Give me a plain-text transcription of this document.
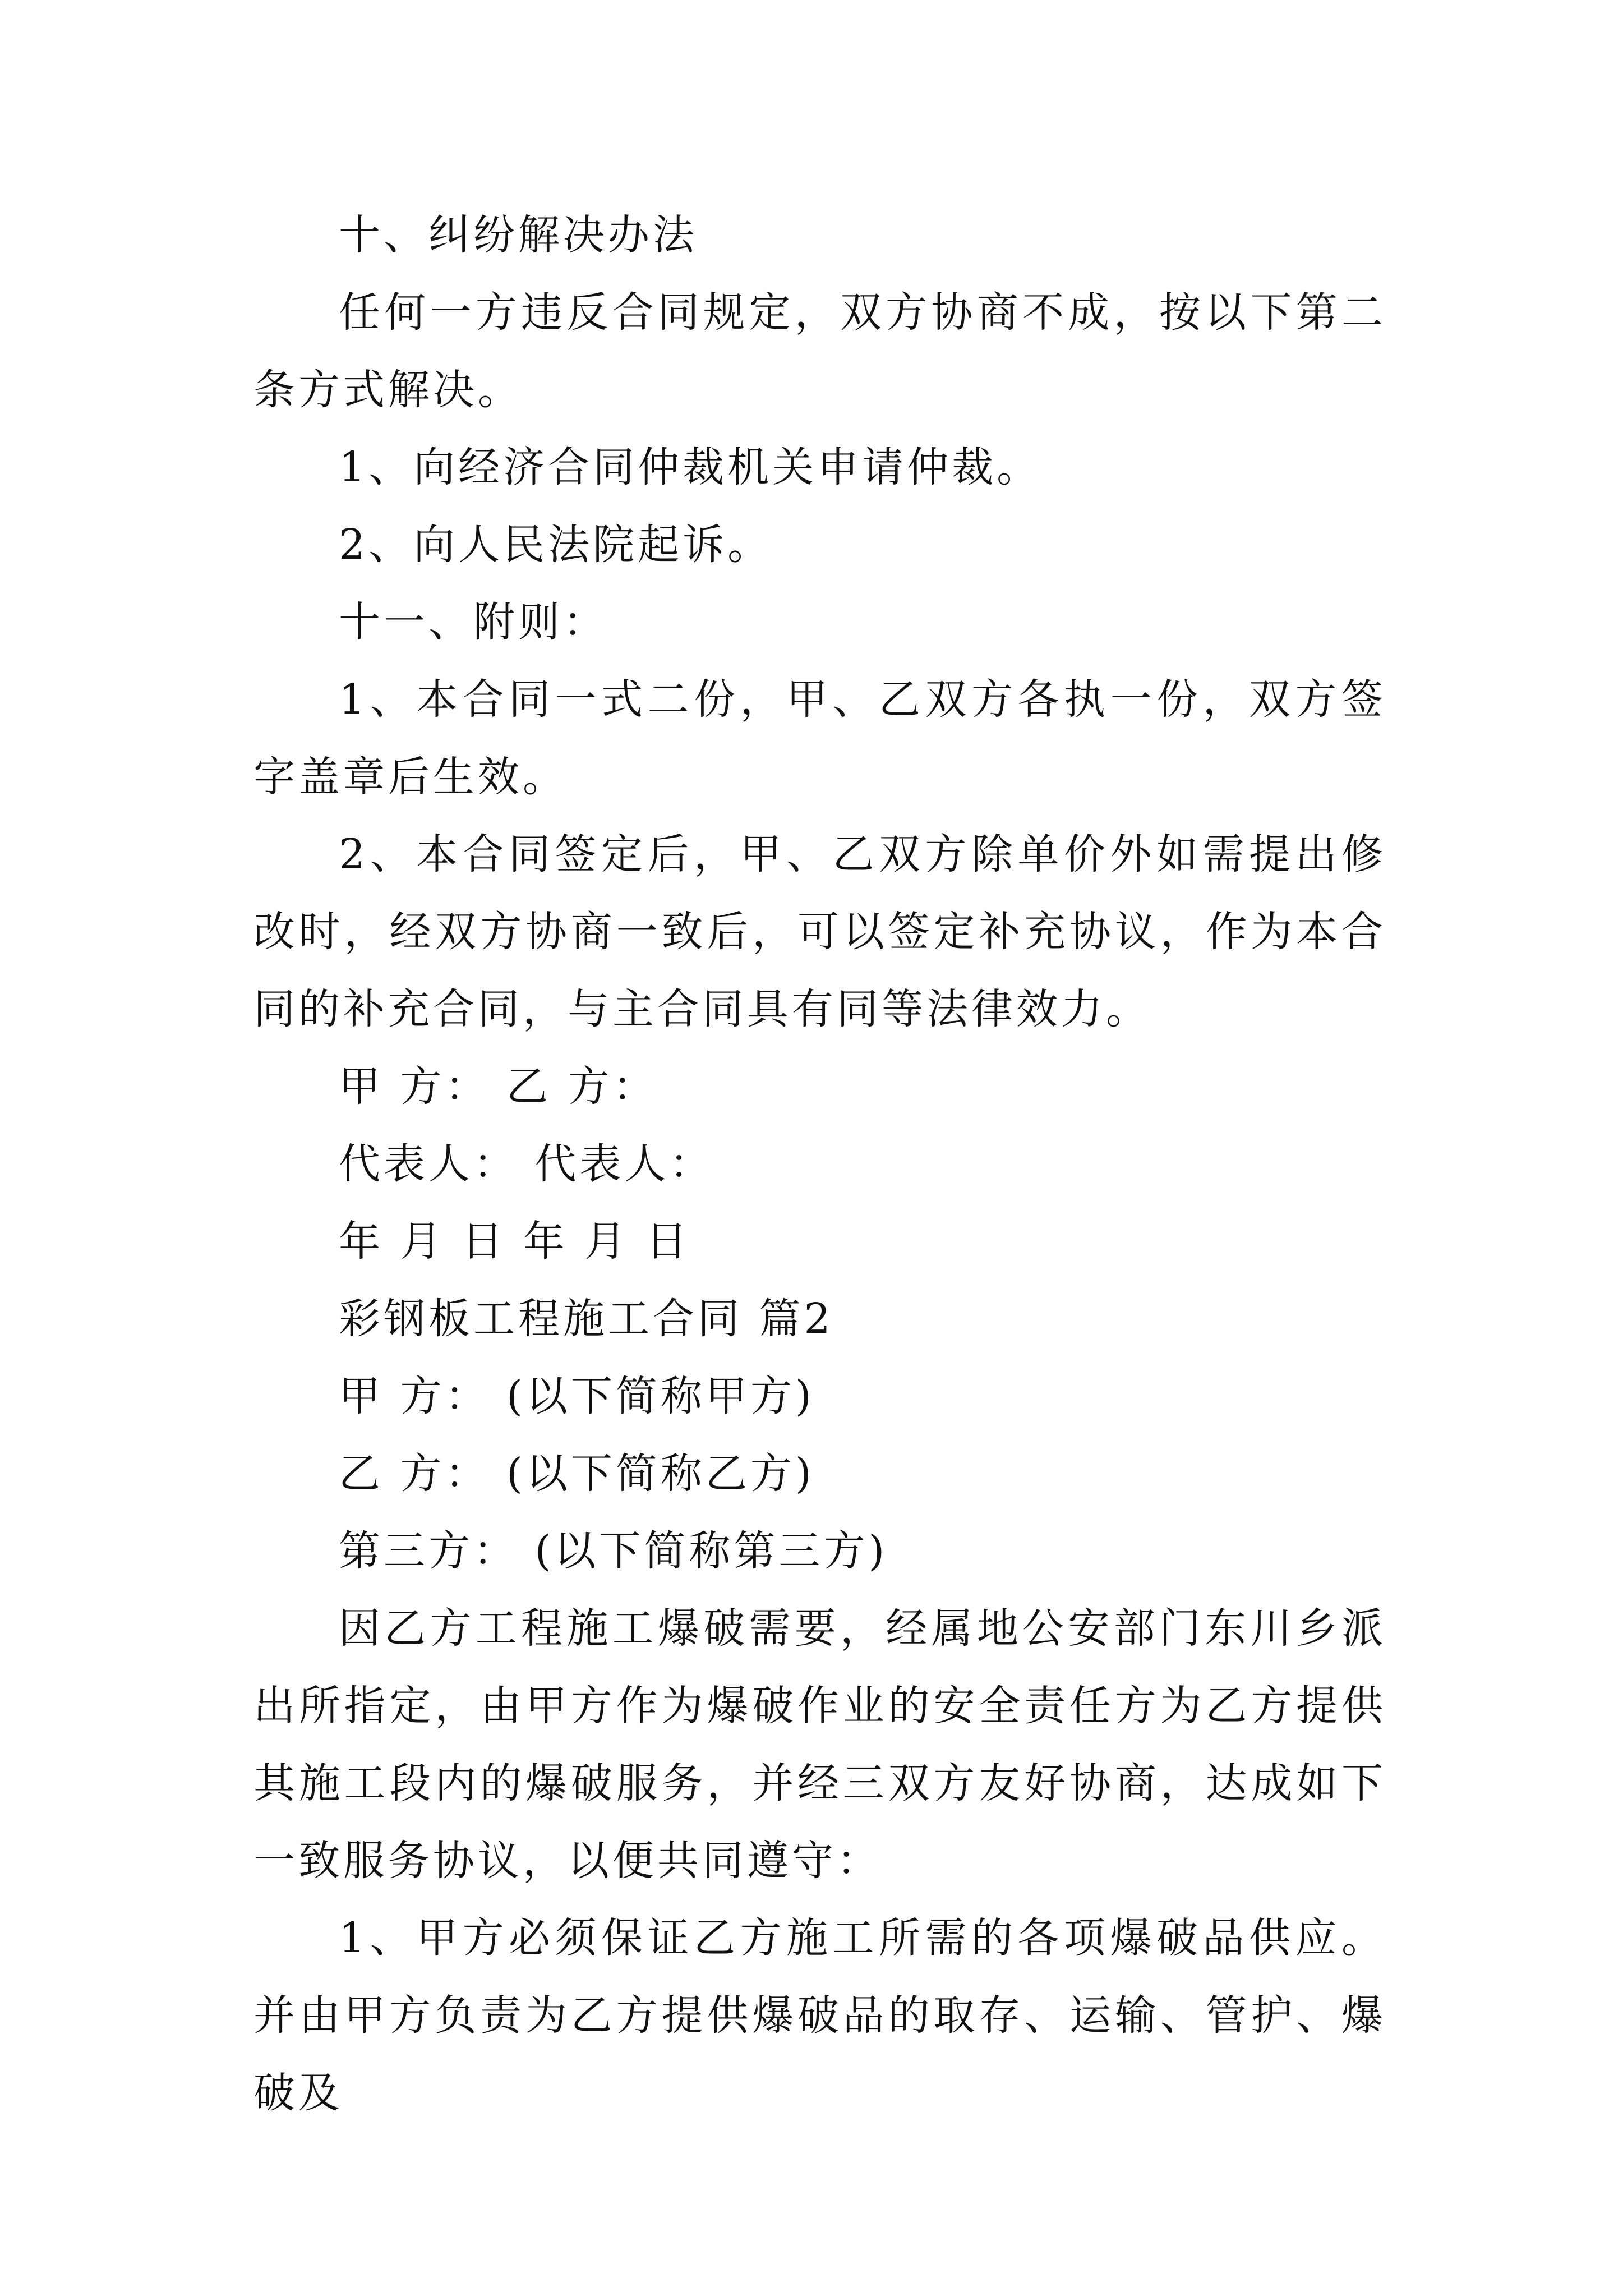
十、纠纷解决办法

任何一方违反合同规定，双方协商不成，按以下第二条方式解决。

1、向经济合同仲裁机关申请仲裁。

2、向人民法院起诉。

十一、附则：

1、本合同一式二份，甲、乙双方各执一份，双方签字盖章后生效。

2、本合同签定后，甲、乙双方除单价外如需提出修改时，经双方协商一致后，可以签定补充协议，作为本合同的补充合同，与主合同具有同等法律效力。

甲 方： 乙 方：

代表人： 代表人：

年 月 日 年 月 日

彩钢板工程施工合同 篇2

甲 方： (以下简称甲方)

乙 方： (以下简称乙方)

第三方： (以下简称第三方)

因乙方工程施工爆破需要，经属地公安部门东川乡派出所指定，由甲方作为爆破作业的安全责任方为乙方提供其施工段内的爆破服务，并经三双方友好协商，达成如下一致服务协议，以便共同遵守：

1、甲方必须保证乙方施工所需的各项爆破品供应。并由甲方负责为乙方提供爆破品的取存、运输、管护、爆破及
